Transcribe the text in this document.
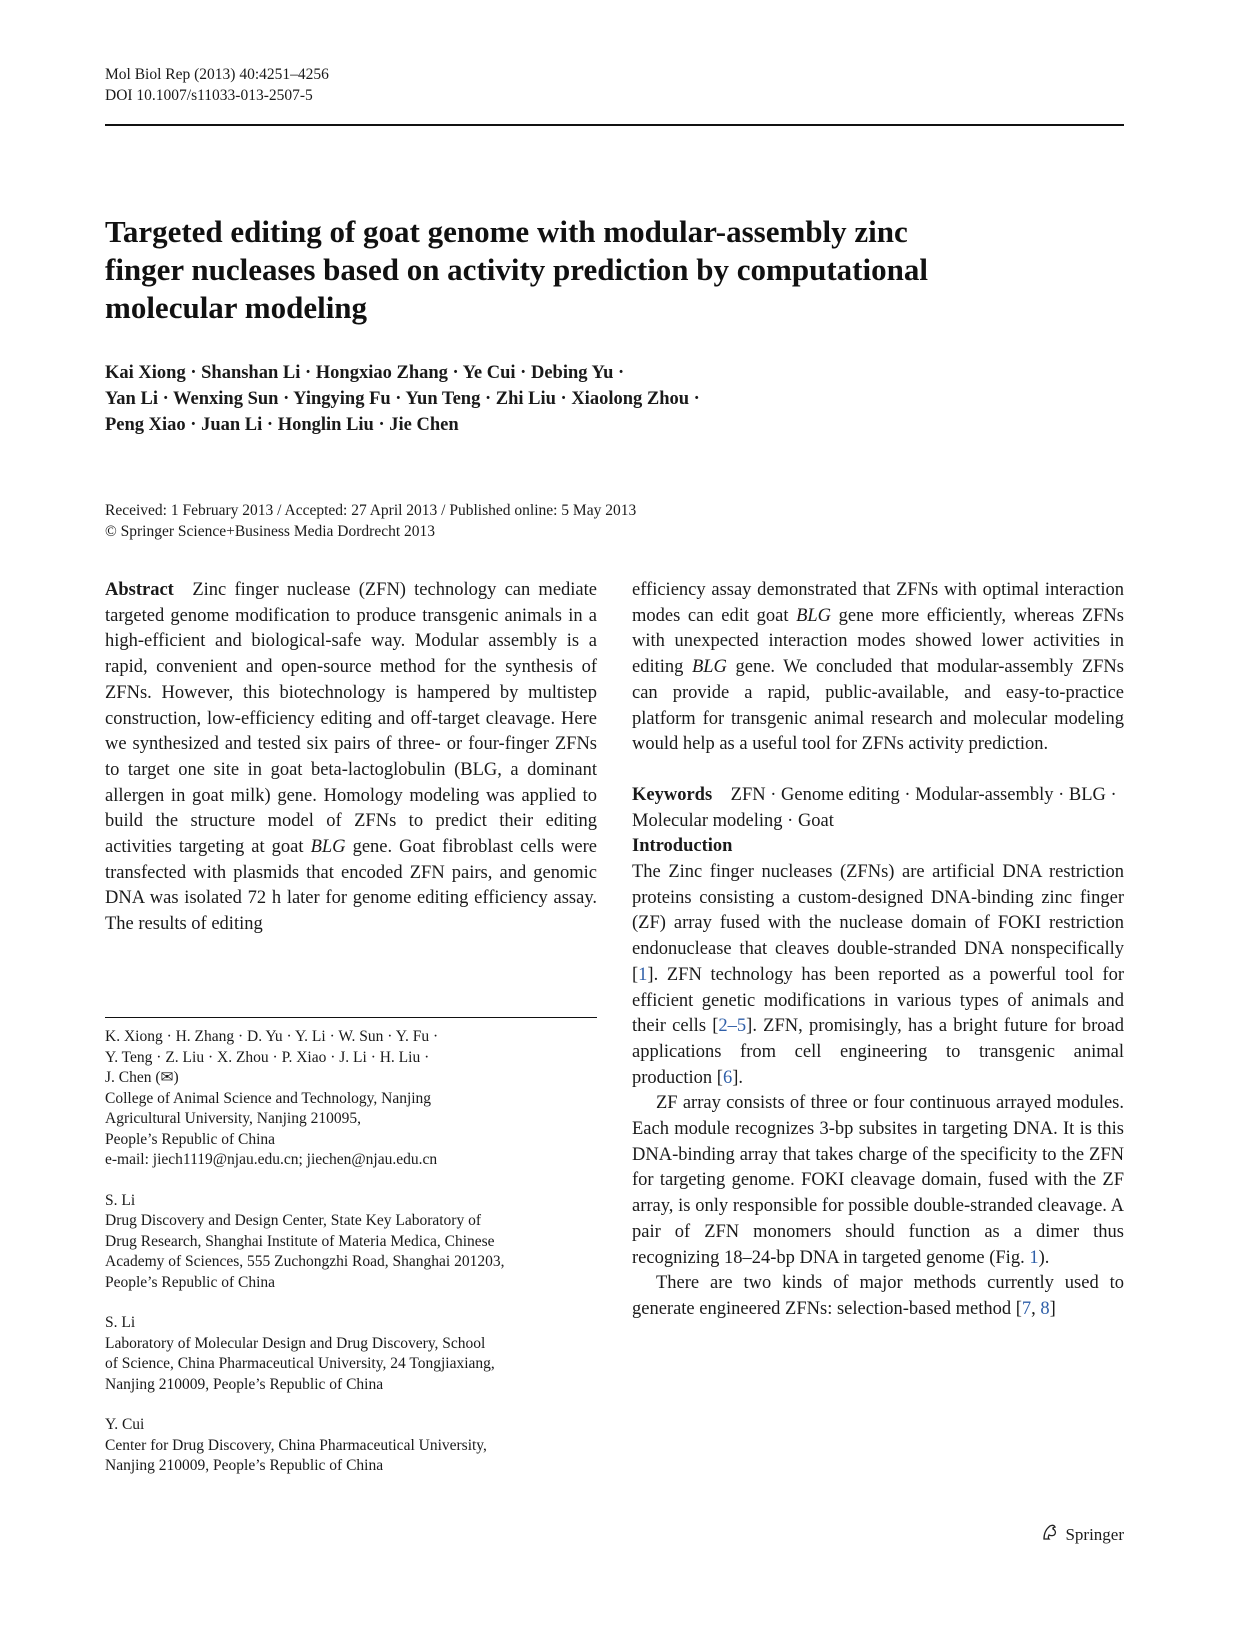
Mol Biol Rep (2013) 40:4251–4256
DOI 10.1007/s11033-013-2507-5
Targeted editing of goat genome with modular-assembly zinc
finger nucleases based on activity prediction by computational
molecular modeling
Kai Xiong · Shanshan Li · Hongxiao Zhang · Ye Cui · Debing Yu ·
Yan Li · Wenxing Sun · Yingying Fu · Yun Teng · Zhi Liu · Xiaolong Zhou ·
Peng Xiao · Juan Li · Honglin Liu · Jie Chen
Received: 1 February 2013 / Accepted: 27 April 2013 / Published online: 5 May 2013
© Springer Science+Business Media Dordrecht 2013

Abstract  Zinc finger nuclease (ZFN) technology can mediate targeted genome modification to produce transgenic animals in a high-efficient and biological-safe way. Modular assembly is a rapid, convenient and open-source method for the synthesis of ZFNs. However, this biotechnology is hampered by multistep construction, low-efficiency editing and off-target cleavage. Here we synthesized and tested six pairs of three- or four-finger ZFNs to target one site in goat beta-lactoglobulin (BLG, a dominant allergen in goat milk) gene. Homology modeling was applied to build the structure model of ZFNs to predict their editing activities targeting at goat BLG gene. Goat fibroblast cells were transfected with plasmids that encoded ZFN pairs, and genomic DNA was isolated 72 h later for genome editing efficiency assay. The results of editing

K. Xiong · H. Zhang · D. Yu · Y. Li · W. Sun · Y. Fu ·
Y. Teng · Z. Liu · X. Zhou · P. Xiao · J. Li · H. Liu ·
J. Chen (✉)
College of Animal Science and Technology, Nanjing
Agricultural University, Nanjing 210095,
People’s Republic of China
e-mail: jiech1119@njau.edu.cn; jiechen@njau.edu.cn
S. Li
Drug Discovery and Design Center, State Key Laboratory of
Drug Research, Shanghai Institute of Materia Medica, Chinese
Academy of Sciences, 555 Zuchongzhi Road, Shanghai 201203,
People’s Republic of China
S. Li
Laboratory of Molecular Design and Drug Discovery, School
of Science, China Pharmaceutical University, 24 Tongjiaxiang,
Nanjing 210009, People’s Republic of China
Y. Cui
Center for Drug Discovery, China Pharmaceutical University,
Nanjing 210009, People’s Republic of China

efficiency assay demonstrated that ZFNs with optimal interaction modes can edit goat BLG gene more efficiently, whereas ZFNs with unexpected interaction modes showed lower activities in editing BLG gene. We concluded that modular-assembly ZFNs can provide a rapid, public-available, and easy-to-practice platform for transgenic animal research and molecular modeling would help as a useful tool for ZFNs activity prediction.

Keywords  ZFN · Genome editing · Modular-assembly · BLG · Molecular modeling · Goat

Introduction

The Zinc finger nucleases (ZFNs) are artificial DNA restriction proteins consisting a custom-designed DNA-binding zinc finger (ZF) array fused with the nuclease domain of FOKI restriction endonuclease that cleaves double-stranded DNA nonspecifically [1]. ZFN technology has been reported as a powerful tool for efficient genetic modifications in various types of animals and their cells [2–5]. ZFN, promisingly, has a bright future for broad applications from cell engineering to transgenic animal production [6].

ZF array consists of three or four continuous arrayed modules. Each module recognizes 3-bp subsites in targeting DNA. It is this DNA-binding array that takes charge of the specificity to the ZFN for targeting genome. FOKI cleavage domain, fused with the ZF array, is only responsible for possible double-stranded cleavage. A pair of ZFN monomers should function as a dimer thus recognizing 18–24-bp DNA in targeted genome (Fig. 1).

There are two kinds of major methods currently used to generate engineered ZFNs: selection-based method [7, 8]

Springer
